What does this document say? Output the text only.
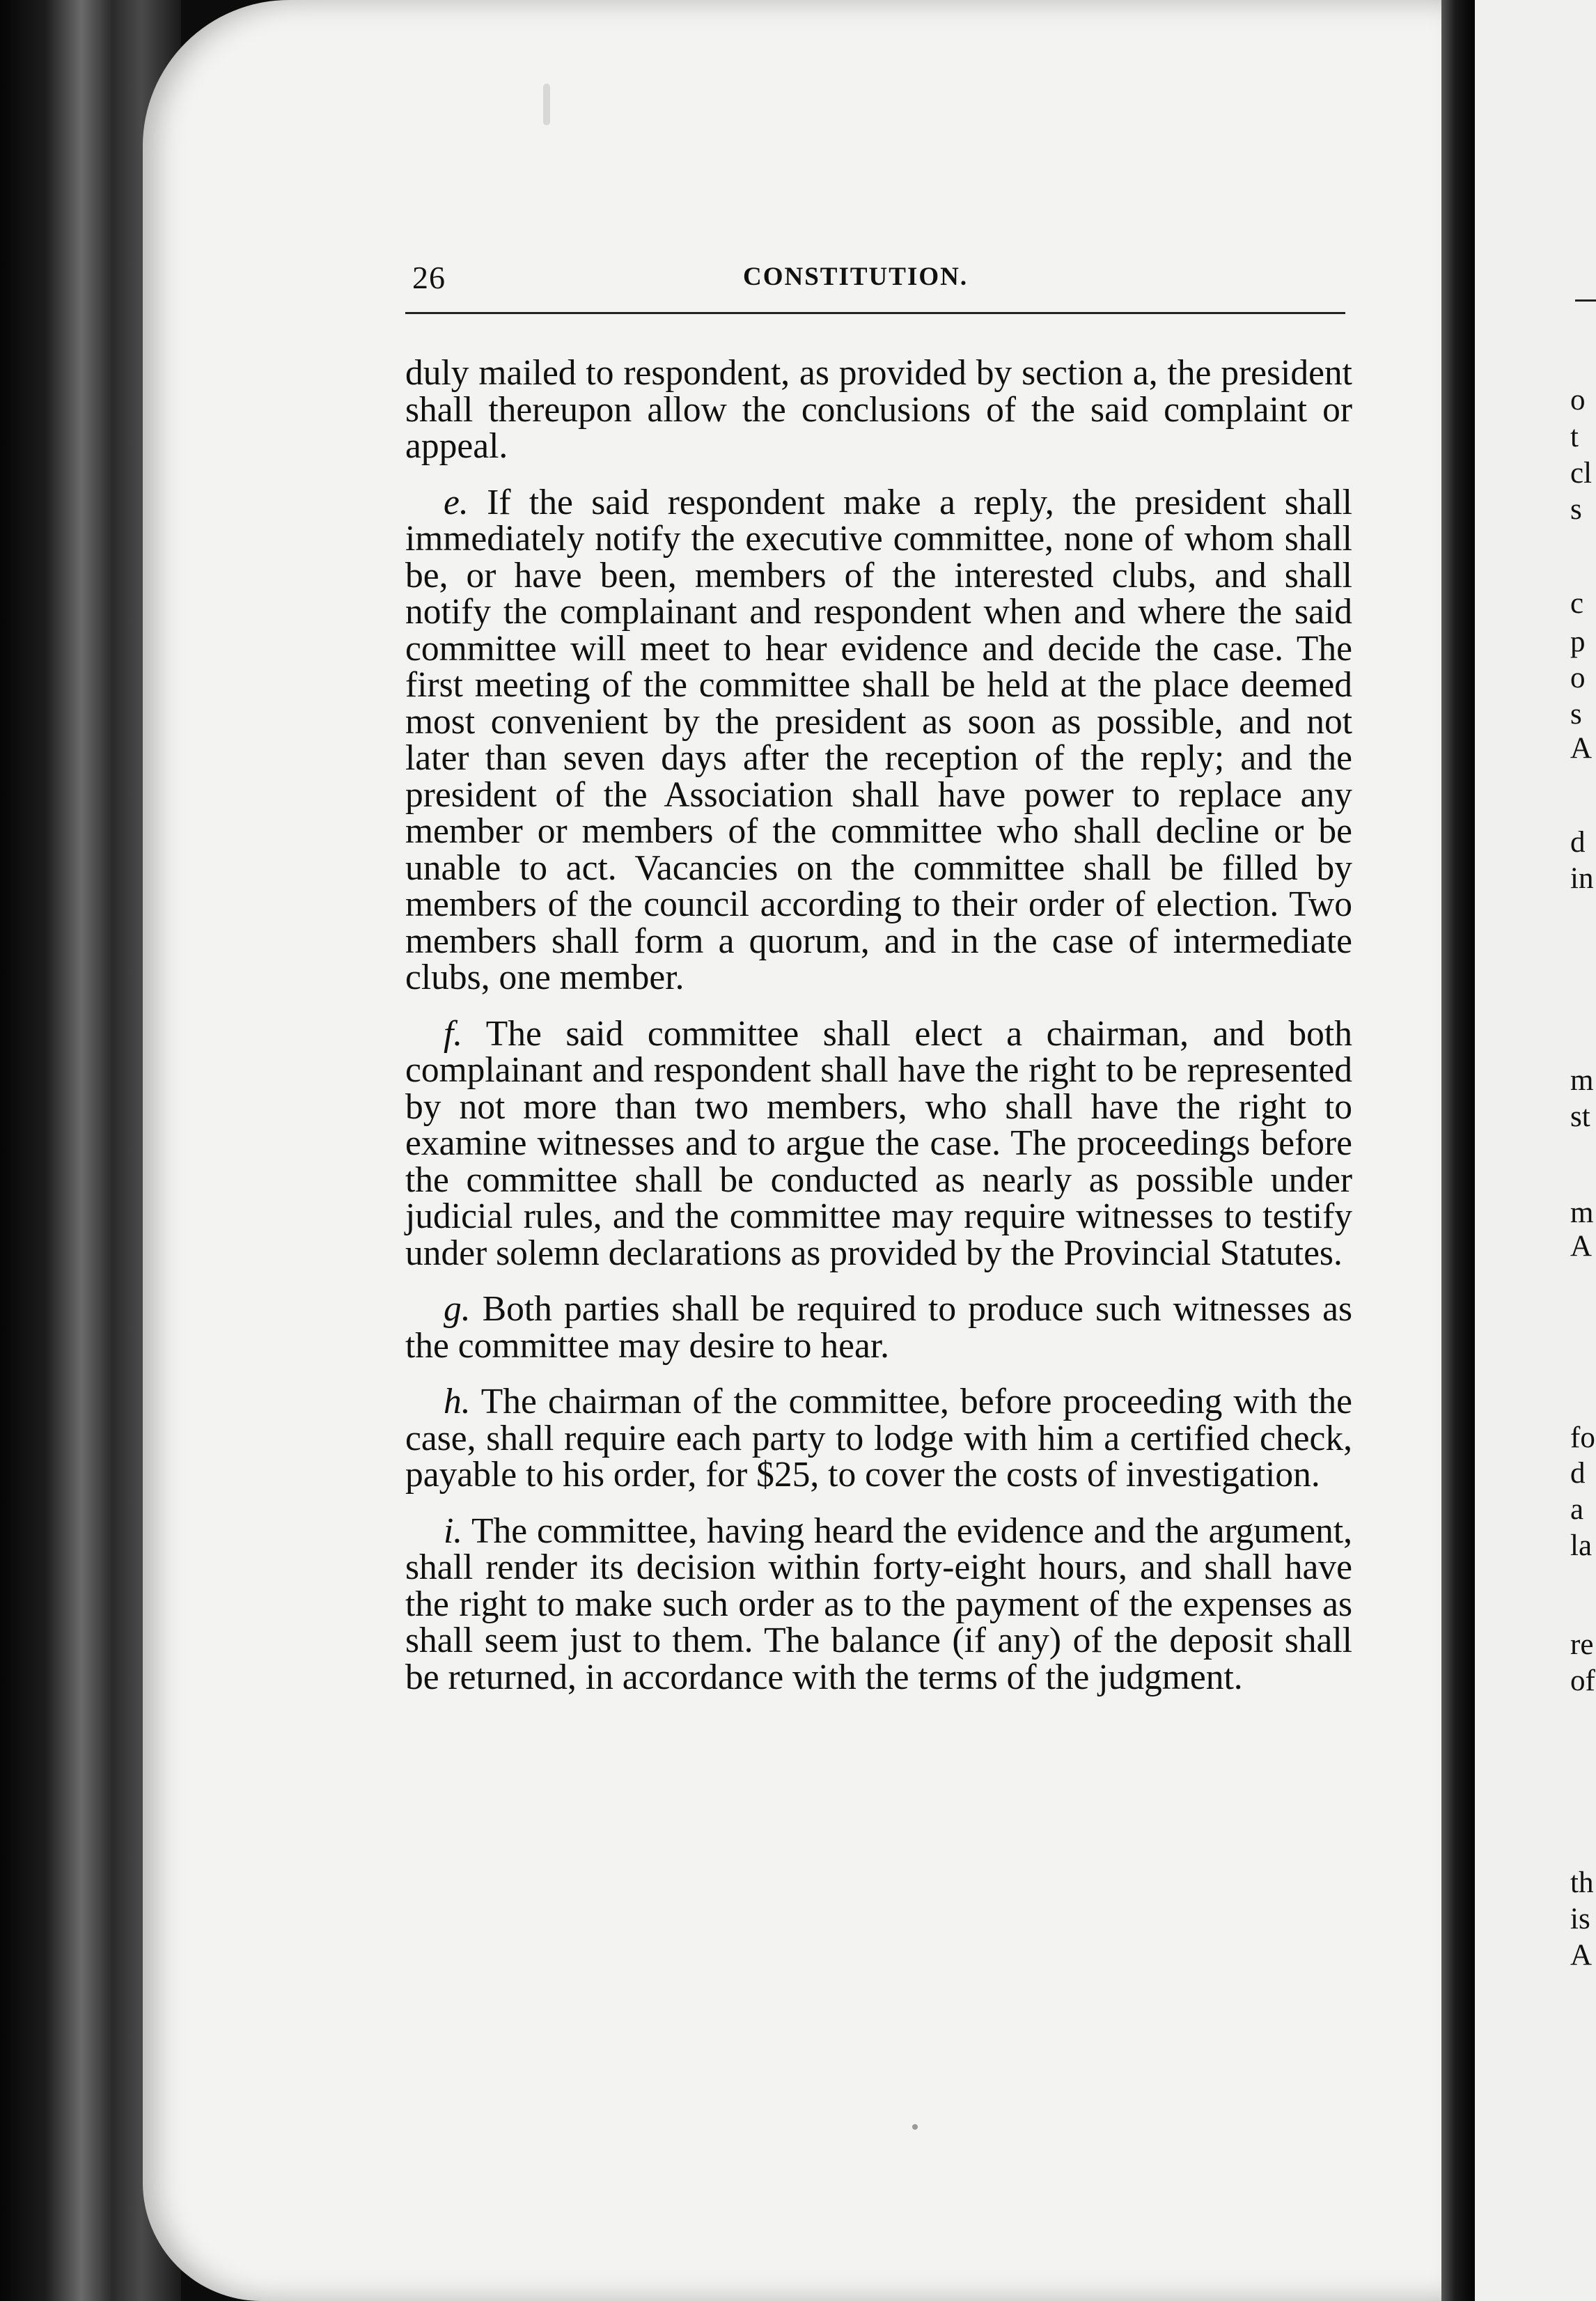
o
t
cl
s
c
p
o
s
A
d
in
m
st
m
A
fo
d
a
la
re
of
th
is
A
26	CONSTITUTION.

duly mailed to respondent, as provided by section a, the president shall thereupon allow the conclusions of the said complaint or appeal.

e. If the said respondent make a reply, the president shall immediately notify the executive committee, none of whom shall be, or have been, members of the interested clubs, and shall notify the complainant and respondent when and where the said committee will meet to hear evidence and decide the case. The first meeting of the committee shall be held at the place deemed most convenient by the president as soon as possible, and not later than seven days after the reception of the reply; and the president of the Association shall have power to replace any member or members of the committee who shall decline or be unable to act. Vacancies on the committee shall be filled by members of the council according to their order of election. Two members shall form a quorum, and in the case of intermediate clubs, one member.

f. The said committee shall elect a chairman, and both complainant and respondent shall have the right to be represented by not more than two members, who shall have the right to examine witnesses and to argue the case. The proceedings before the committee shall be conducted as nearly as possible under judicial rules, and the committee may require witnesses to testify under solemn declarations as provided by the Provincial Statutes.

g. Both parties shall be required to produce such witnesses as the committee may desire to hear.

h. The chairman of the committee, before proceeding with the case, shall require each party to lodge with him a certified check, payable to his order, for $25, to cover the costs of investigation.

i. The committee, having heard the evidence and the argument, shall render its decision within forty-eight hours, and shall have the right to make such order as to the payment of the expenses as shall seem just to them. The balance (if any) of the deposit shall be returned, in accordance with the terms of the judgment.
